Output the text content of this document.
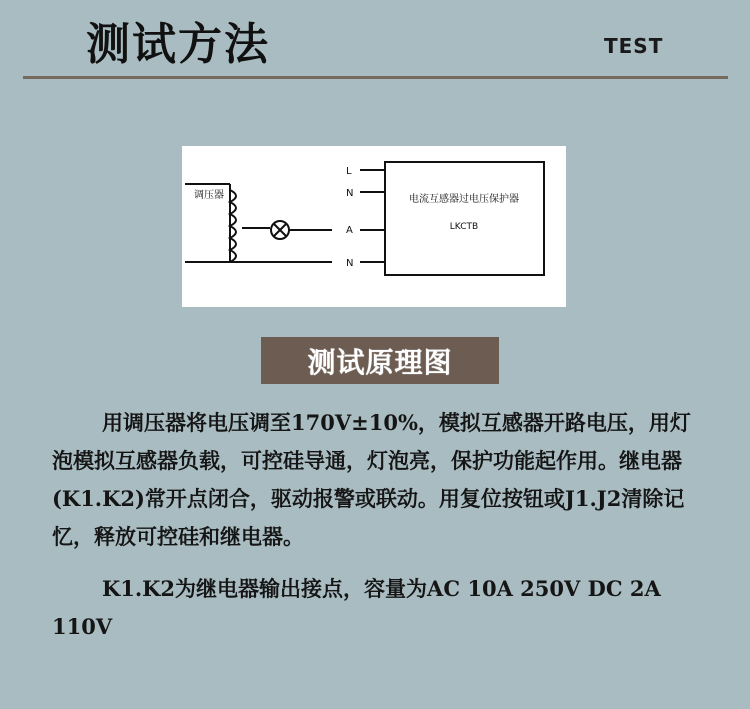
测试方法	TEST
调压器
L
N
A
N
电流互感器过电压保护器
LKCTB
测试原理图

用调压器将电压调至170V±10%，模拟互感器开路电压，用灯泡模拟互感器负载，可控硅导通，灯泡亮，保护功能起作用。继电器(K1.K2)常开点闭合，驱动报警或联动。用复位按钮或J1.J2清除记忆，释放可控硅和继电器。

K1.K2为继电器输出接点，容量为AC 10A 250V DC 2A 110V
